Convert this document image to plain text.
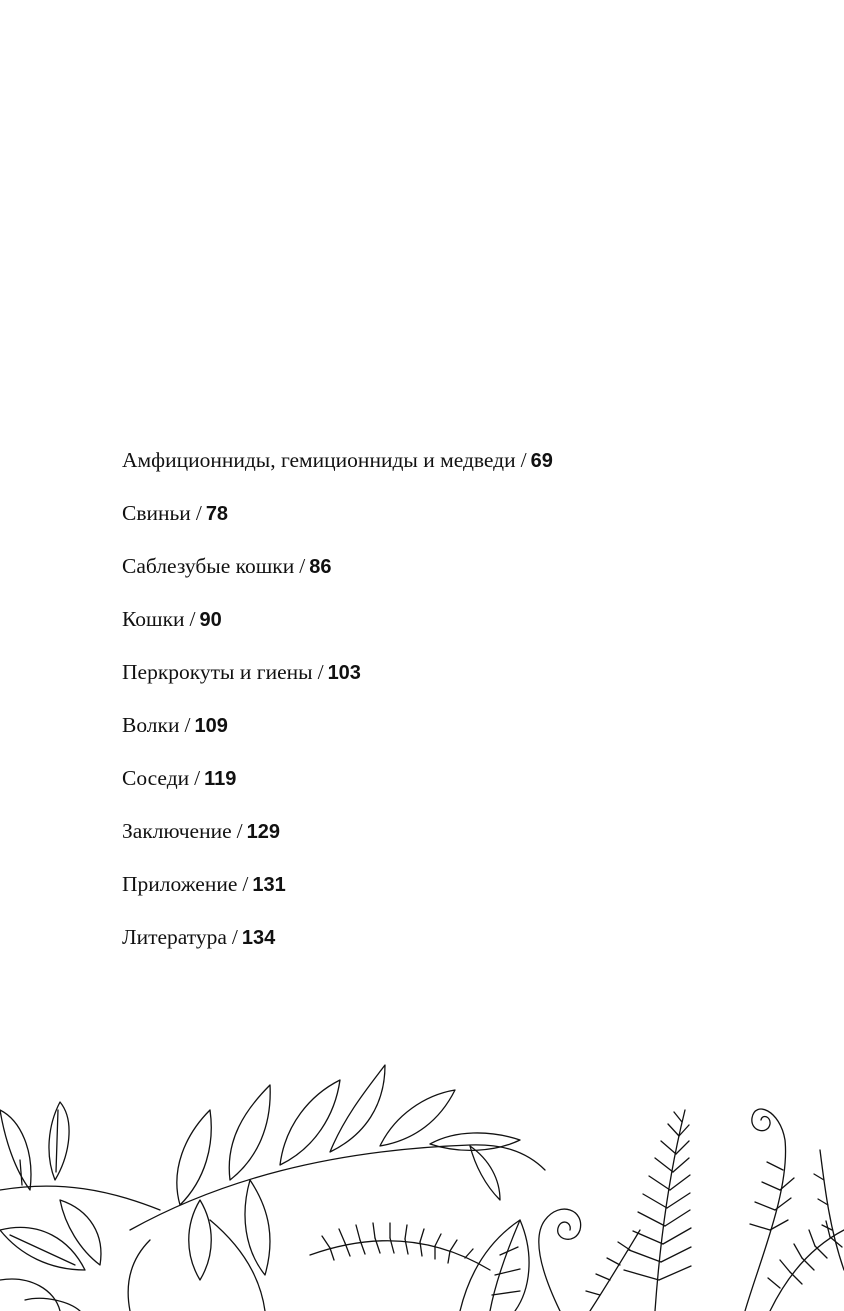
Амфиционниды, гемиционниды и медведи / 69
Свиньи / 78
Саблезубые кошки / 86
Кошки / 90
Перкрокуты и гиены / 103
Волки / 109
Соседи / 119
Заключение / 129
Приложение / 131
Литература / 134
